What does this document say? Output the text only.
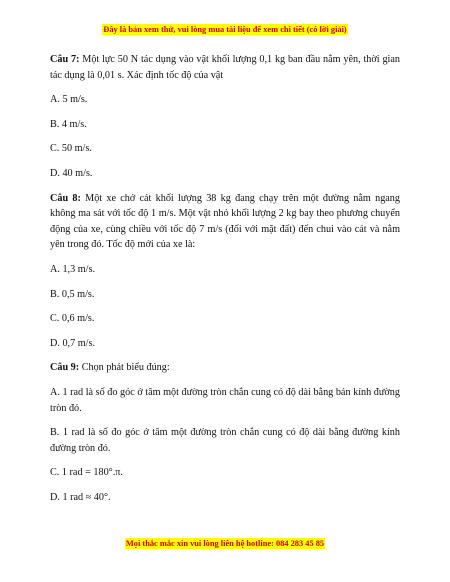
Đây là bản xem thử, vui lòng mua tài liệu để xem chi tiết (có lời giải)

Câu 7: Một lực 50 N tác dụng vào vật khối lượng 0,1 kg ban đầu nằm yên, thời gian tác dụng là 0,01 s. Xác định tốc độ của vật

A. 5 m/s.

B. 4 m/s.

C. 50 m/s.

D. 40 m/s.

Câu 8: Một xe chở cát khối lượng 38 kg đang chạy trên một đường nằm ngang không ma sát với tốc độ 1 m/s. Một vật nhỏ khối lượng 2 kg bay theo phương chuyển động của xe, cùng chiều với tốc độ 7 m/s (đối với mặt đất) đến chui vào cát và nằm yên trong đó. Tốc độ mới của xe là:

A. 1,3 m/s.

B. 0,5 m/s.

C. 0,6 m/s.

D. 0,7 m/s.

Câu 9: Chọn phát biểu đúng:

A. 1 rad là số đo góc ở tâm một đường tròn chắn cung có độ dài bằng bán kính đường tròn đó.

B. 1 rad là số đo góc ở tâm một đường tròn chắn cung có độ dài bằng đường kính đường tròn đó.

C. 1 rad = 180°.π.

D. 1 rad ≈ 40°.

Mọi thắc mắc xin vui lòng liên hệ hotline: 084 283 45 85
